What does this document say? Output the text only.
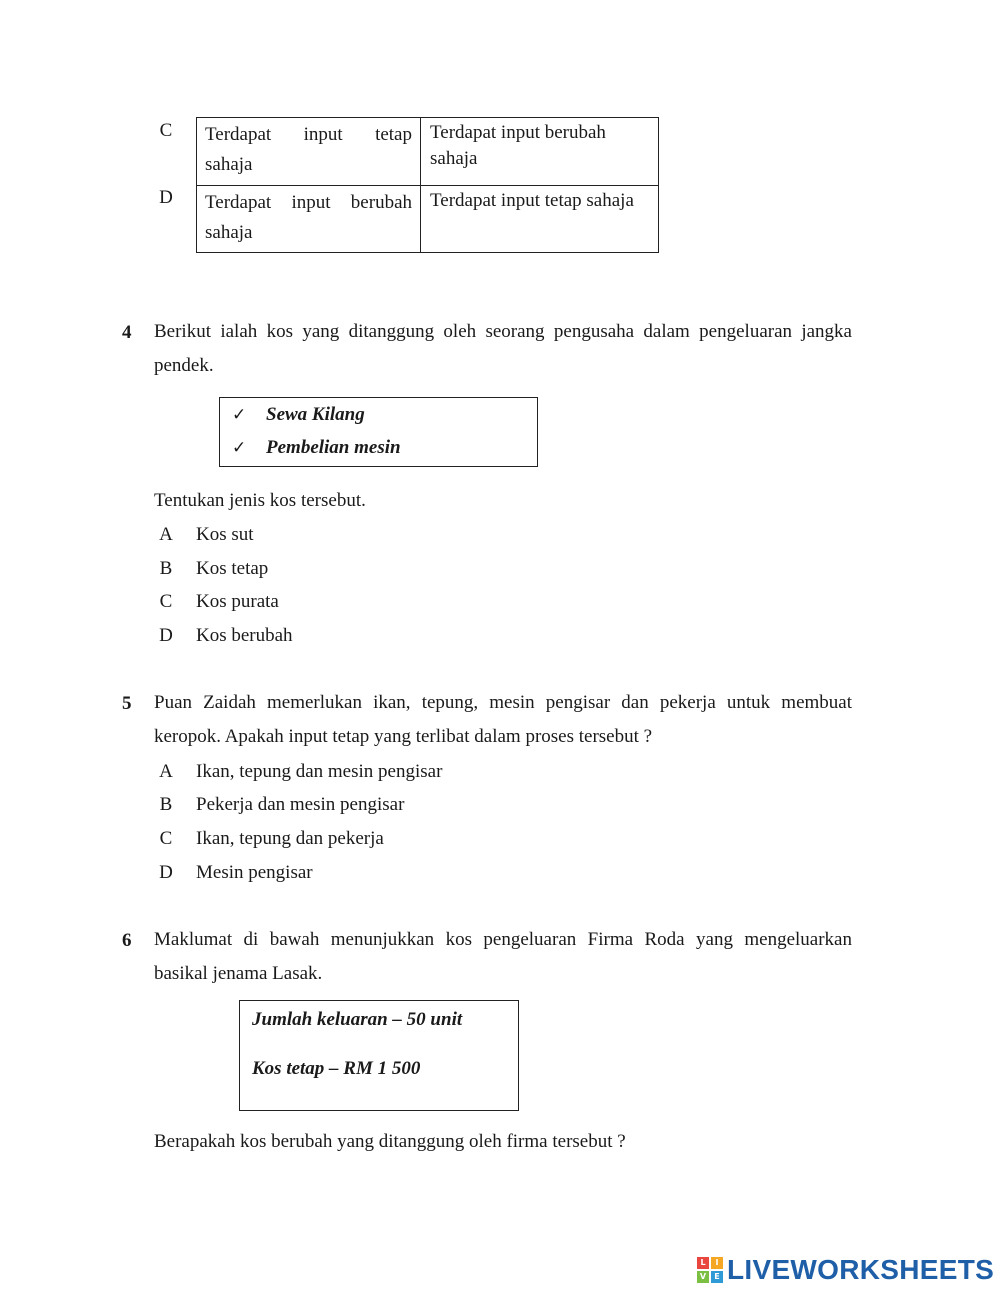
C
D
Terdapat input tetap
sahaja	Terdapat input berubah sahaja

Terdapat input berubah
sahaja	Terdapat input tetap sahaja
4 Berikut ialah kos yang ditanggung oleh seorang pengusaha dalam pengeluaran jangka
pendek.
✓ Sewa Kilang
✓ Pembelian mesin
Tentukan jenis kos tersebut.
A Kos sut
B Kos tetap
C Kos purata
D Kos berubah
5 Puan Zaidah memerlukan ikan, tepung, mesin pengisar dan pekerja untuk membuat
keropok. Apakah input tetap yang terlibat dalam proses tersebut ?
A Ikan, tepung dan mesin pengisar
B Pekerja dan mesin pengisar
C Ikan, tepung dan pekerja
D Mesin pengisar
6 Maklumat di bawah menunjukkan kos pengeluaran Firma Roda yang mengeluarkan
basikal jenama Lasak.
Jumlah keluaran – 50 unit
Kos tetap – RM 1 500
Berapakah kos berubah yang ditanggung oleh firma tersebut ?
L	I
V	E LIVEWORKSHEETS
